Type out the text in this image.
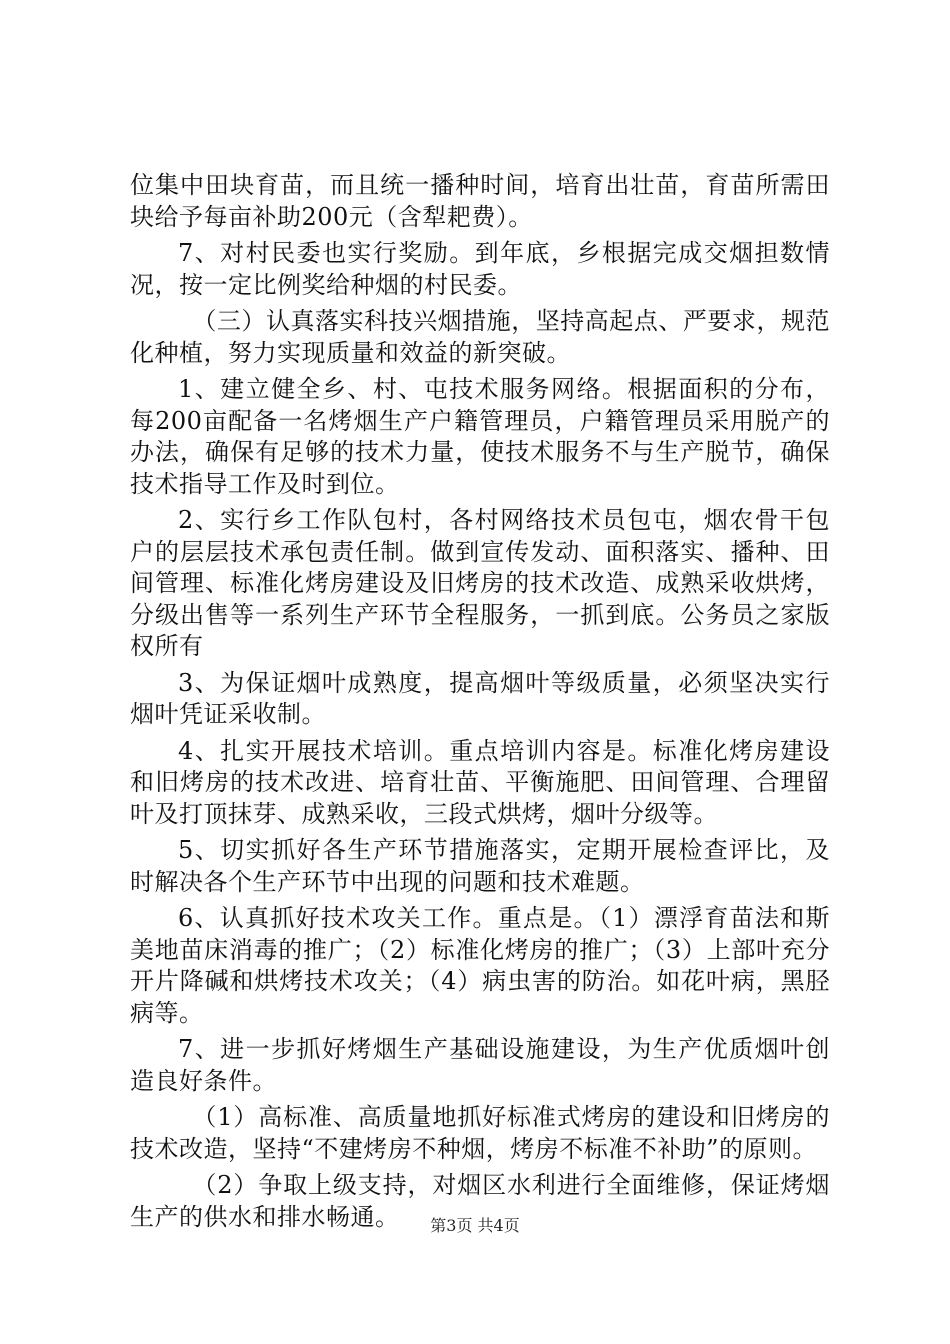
位集中田块育苗，而且统一播种时间，培育出壮苗，育苗所需田块给予每亩补助200元（含犁耙费）。

7、对村民委也实行奖励。到年底，乡根据完成交烟担数情况，按一定比例奖给种烟的村民委。

（三）认真落实科技兴烟措施，坚持高起点、严要求，规范化种植，努力实现质量和效益的新突破。

1、建立健全乡、村、屯技术服务网络。根据面积的分布，每200亩配备一名烤烟生产户籍管理员，户籍管理员采用脱产的办法，确保有足够的技术力量，使技术服务不与生产脱节，确保技术指导工作及时到位。

2、实行乡工作队包村，各村网络技术员包屯，烟农骨干包户的层层技术承包责任制。做到宣传发动、面积落实、播种、田间管理、标准化烤房建设及旧烤房的技术改造、成熟采收烘烤，分级出售等一系列生产环节全程服务，一抓到底。公务员之家版权所有

3、为保证烟叶成熟度，提高烟叶等级质量，必须坚决实行烟叶凭证采收制。

4、扎实开展技术培训。重点培训内容是。标准化烤房建设和旧烤房的技术改进、培育壮苗、平衡施肥、田间管理、合理留叶及打顶抹芽、成熟采收，三段式烘烤，烟叶分级等。

5、切实抓好各生产环节措施落实，定期开展检查评比，及时解决各个生产环节中出现的问题和技术难题。

6、认真抓好技术攻关工作。重点是。（1）漂浮育苗法和斯美地苗床消毒的推广；（2）标准化烤房的推广；（3）上部叶充分开片降碱和烘烤技术攻关；（4）病虫害的防治。如花叶病，黑胫病等。

7、进一步抓好烤烟生产基础设施建设，为生产优质烟叶创造良好条件。

（1）高标准、高质量地抓好标准式烤房的建设和旧烤房的技术改造，坚持“不建烤房不种烟，烤房不标准不补助”的原则。

（2）争取上级支持，对烟区水利进行全面维修，保证烤烟生产的供水和排水畅通。	第3页 共4页
